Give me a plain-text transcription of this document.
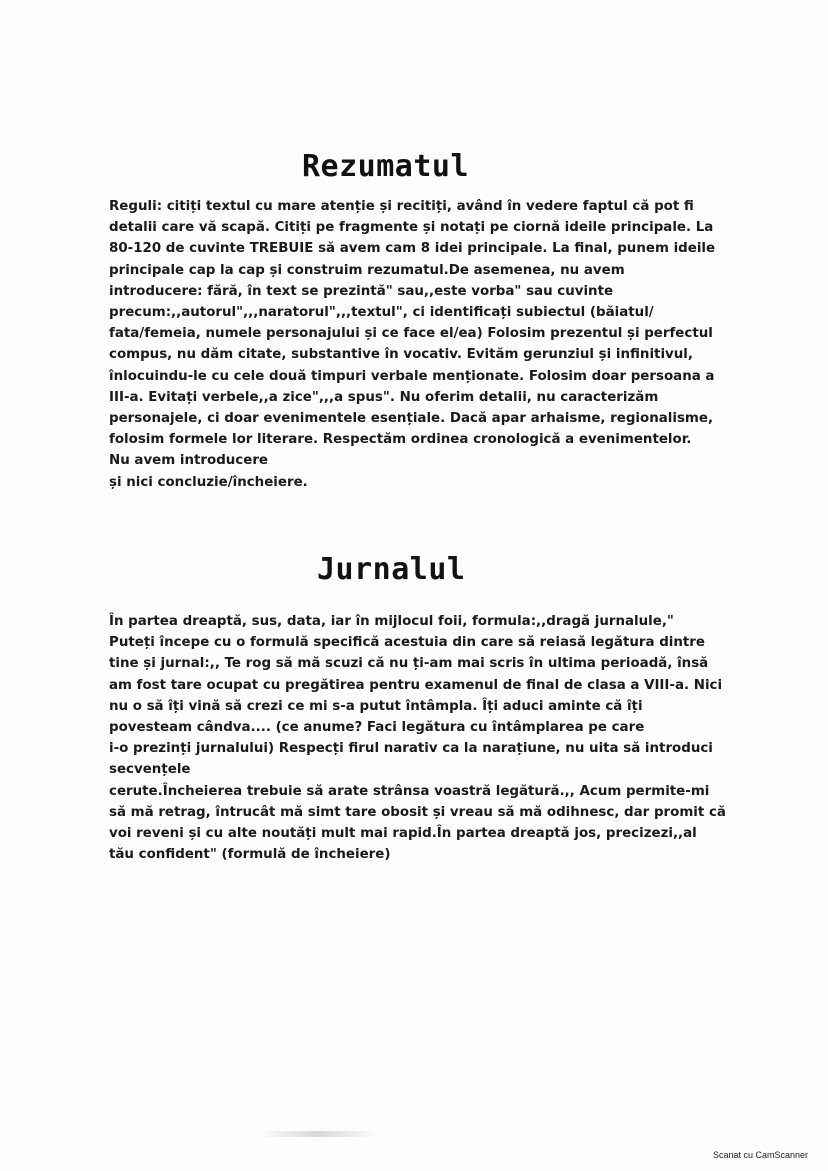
Rezumatul
Reguli: citiți textul cu mare atenție și recitiți, având în vedere faptul că pot fi
detalii care vă scapă. Citiți pe fragmente și notați pe ciornă ideile principale. La
80-120 de cuvinte TREBUIE să avem cam 8 idei principale. La final, punem ideile
principale cap la cap și construim rezumatul.De asemenea, nu avem
introducere: fără, în text se prezintă" sau,,este vorba" sau cuvinte
precum:,,autorul",,,naratorul",,,textul", ci identificați subiectul (băiatul/
fata/femeia, numele personajului și ce face el/ea) Folosim prezentul și perfectul
compus, nu dăm citate, substantive în vocativ. Evităm gerunziul și infinitivul,
înlocuindu-le cu cele două timpuri verbale menționate. Folosim doar persoana a
III-a. Evitați verbele,,a zice",,,a spus". Nu oferim detalii, nu caracterizăm
personajele, ci doar evenimentele esențiale. Dacă apar arhaisme, regionalisme,
folosim formele lor literare. Respectăm ordinea cronologică a evenimentelor.
Nu avem introducere
și nici concluzie/încheiere.
Jurnalul
În partea dreaptă, sus, data, iar în mijlocul foii, formula:,,dragă jurnalule,"
Puteți începe cu o formulă specifică acestuia din care să reiasă legătura dintre
tine și jurnal:,, Te rog să mă scuzi că nu ți-am mai scris în ultima perioadă, însă
am fost tare ocupat cu pregătirea pentru examenul de final de clasa a VIII-a. Nici
nu o să îți vină să crezi ce mi s-a putut întâmpla. Îți aduci aminte că îți
povesteam cândva.... (ce anume? Faci legătura cu întâmplarea pe care
i-o prezinți jurnalului) Respecți firul narativ ca la narațiune, nu uita să introduci
secvențele
cerute.Încheierea trebuie să arate strânsa voastră legătură.,, Acum permite-mi
să mă retrag, întrucât mă simt tare obosit și vreau să mă odihnesc, dar promit că
voi reveni și cu alte noutăți mult mai rapid.În partea dreaptă jos, precizezi,,al
tău confident" (formulă de încheiere)
Scanat cu CamScanner
